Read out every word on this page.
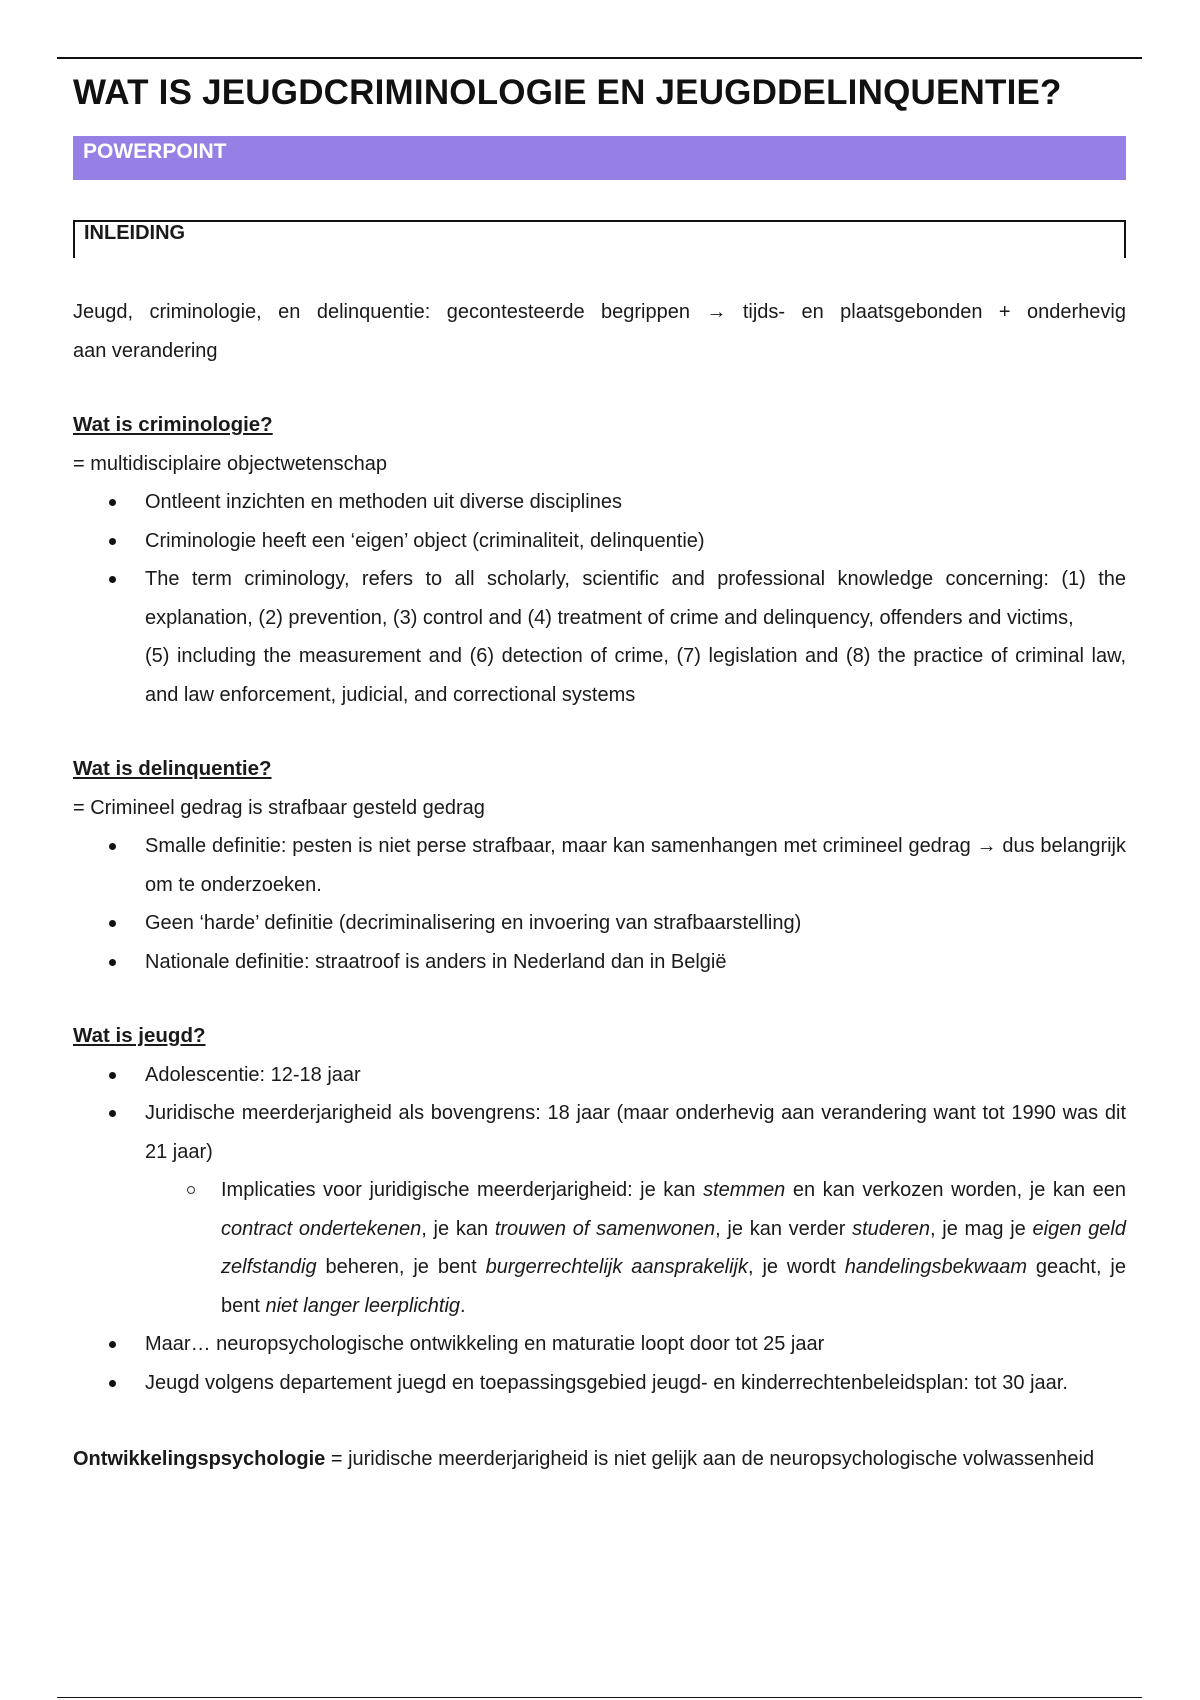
WAT IS JEUGDCRIMINOLOGIE EN JEUGDDELINQUENTIE?
POWERPOINT
INLEIDING

Jeugd, criminologie, en delinquentie: gecontesteerde begrippen → tijds- en plaatsgebonden + onderhevig

aan verandering

Wat is criminologie?

= multidisciplaire objectwetenschap

Ontleent inzichten en methoden uit diverse disciplines
Criminologie heeft een ‘eigen’ object (criminaliteit, delinquentie)
The term criminology, refers to all scholarly, scientific and professional knowledge concerning: (1) the explanation, (2) prevention, (3) control and (4) treatment of crime and delinquency, offenders and victims,
(5) including the measurement and (6) detection of crime, (7) legislation and (8) the practice of criminal law, and law enforcement, judicial, and correctional systems

Wat is delinquentie?

= Crimineel gedrag is strafbaar gesteld gedrag

Smalle definitie: pesten is niet perse strafbaar, maar kan samenhangen met crimineel gedrag → dus belangrijk om te onderzoeken.
Geen ‘harde’ definitie (decriminalisering en invoering van strafbaarstelling)
Nationale definitie: straatroof is anders in Nederland dan in België

Wat is jeugd?

Adolescentie: 12-18 jaar
Juridische meerderjarigheid als bovengrens: 18 jaar (maar onderhevig aan verandering want tot 1990 was dit 21 jaar)
Implicaties voor juridigische meerderjarigheid: je kan stemmen en kan verkozen worden, je kan een contract ondertekenen, je kan trouwen of samenwonen, je kan verder studeren, je mag je eigen geld zelfstandig beheren, je bent burgerrechtelijk aansprakelijk, je wordt handelingsbekwaam geacht, je bent niet langer leerplichtig.
Maar… neuropsychologische ontwikkeling en maturatie loopt door tot 25 jaar
Jeugd volgens departement juegd en toepassingsgebied jeugd- en kinderrechtenbeleidsplan: tot 30 jaar.

Ontwikkelingspsychologie = juridische meerderjarigheid is niet gelijk aan de neuropsychologische volwassenheid
